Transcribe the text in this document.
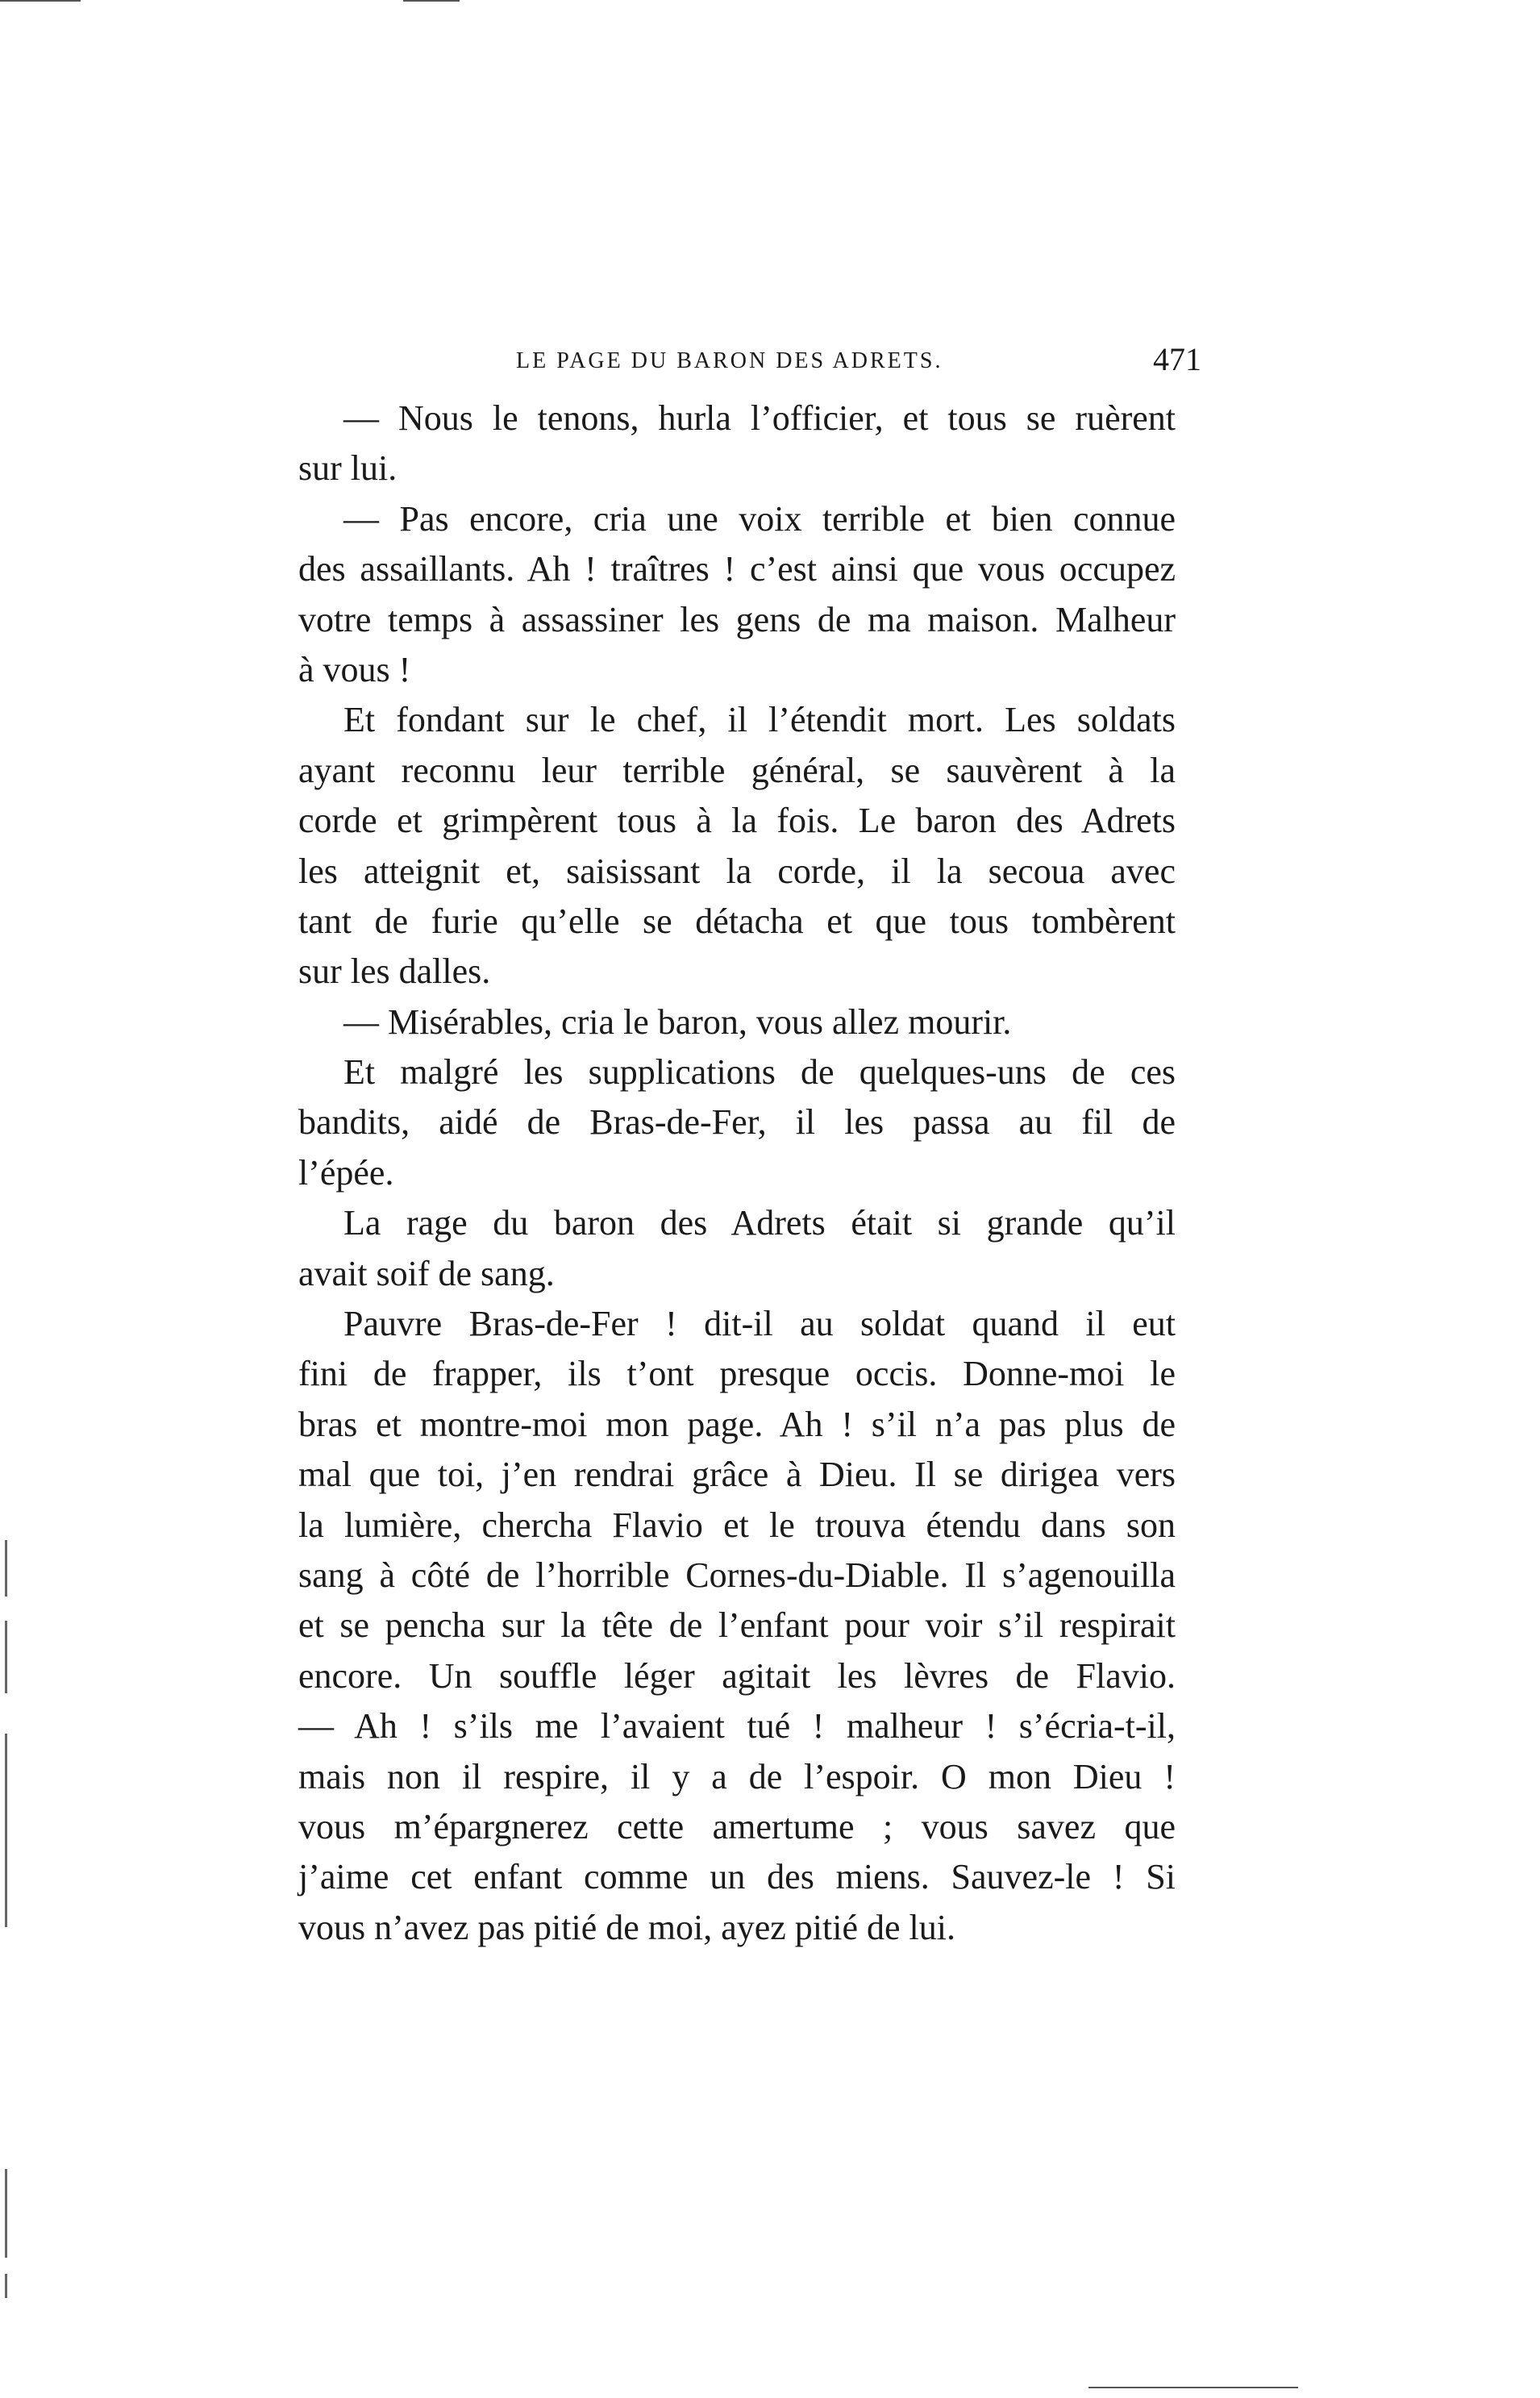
LE PAGE DU BARON DES ADRETS.	471
— Nous le tenons, hurla l’officier, et tous se ruèrent
sur lui.
— Pas encore, cria une voix terrible et bien connue
des assaillants. Ah ! traîtres ! c’est ainsi que vous occupez
votre temps à assassiner les gens de ma maison. Malheur
à vous !
Et fondant sur le chef, il l’étendit mort. Les soldats
ayant reconnu leur terrible général, se sauvèrent à la
corde et grimpèrent tous à la fois. Le baron des Adrets
les atteignit et, saisissant la corde, il la secoua avec
tant de furie qu’elle se détacha et que tous tombèrent
sur les dalles.
— Misérables, cria le baron, vous allez mourir.
Et malgré les supplications de quelques-uns de ces
bandits, aidé de Bras-de-Fer, il les passa au fil de
l’épée.
La rage du baron des Adrets était si grande qu’il
avait soif de sang.
Pauvre Bras-de-Fer ! dit-il au soldat quand il eut
fini de frapper, ils t’ont presque occis. Donne-moi le
bras et montre-moi mon page. Ah ! s’il n’a pas plus de
mal que toi, j’en rendrai grâce à Dieu. Il se dirigea vers
la lumière, chercha Flavio et le trouva étendu dans son
sang à côté de l’horrible Cornes-du-Diable. Il s’agenouilla
et se pencha sur la tête de l’enfant pour voir s’il respirait
encore. Un souffle léger agitait les lèvres de Flavio.
— Ah ! s’ils me l’avaient tué ! malheur ! s’écria-t-il,
mais non il respire, il y a de l’espoir. O mon Dieu !
vous m’épargnerez cette amertume ; vous savez que
j’aime cet enfant comme un des miens. Sauvez-le ! Si
vous n’avez pas pitié de moi, ayez pitié de lui.
